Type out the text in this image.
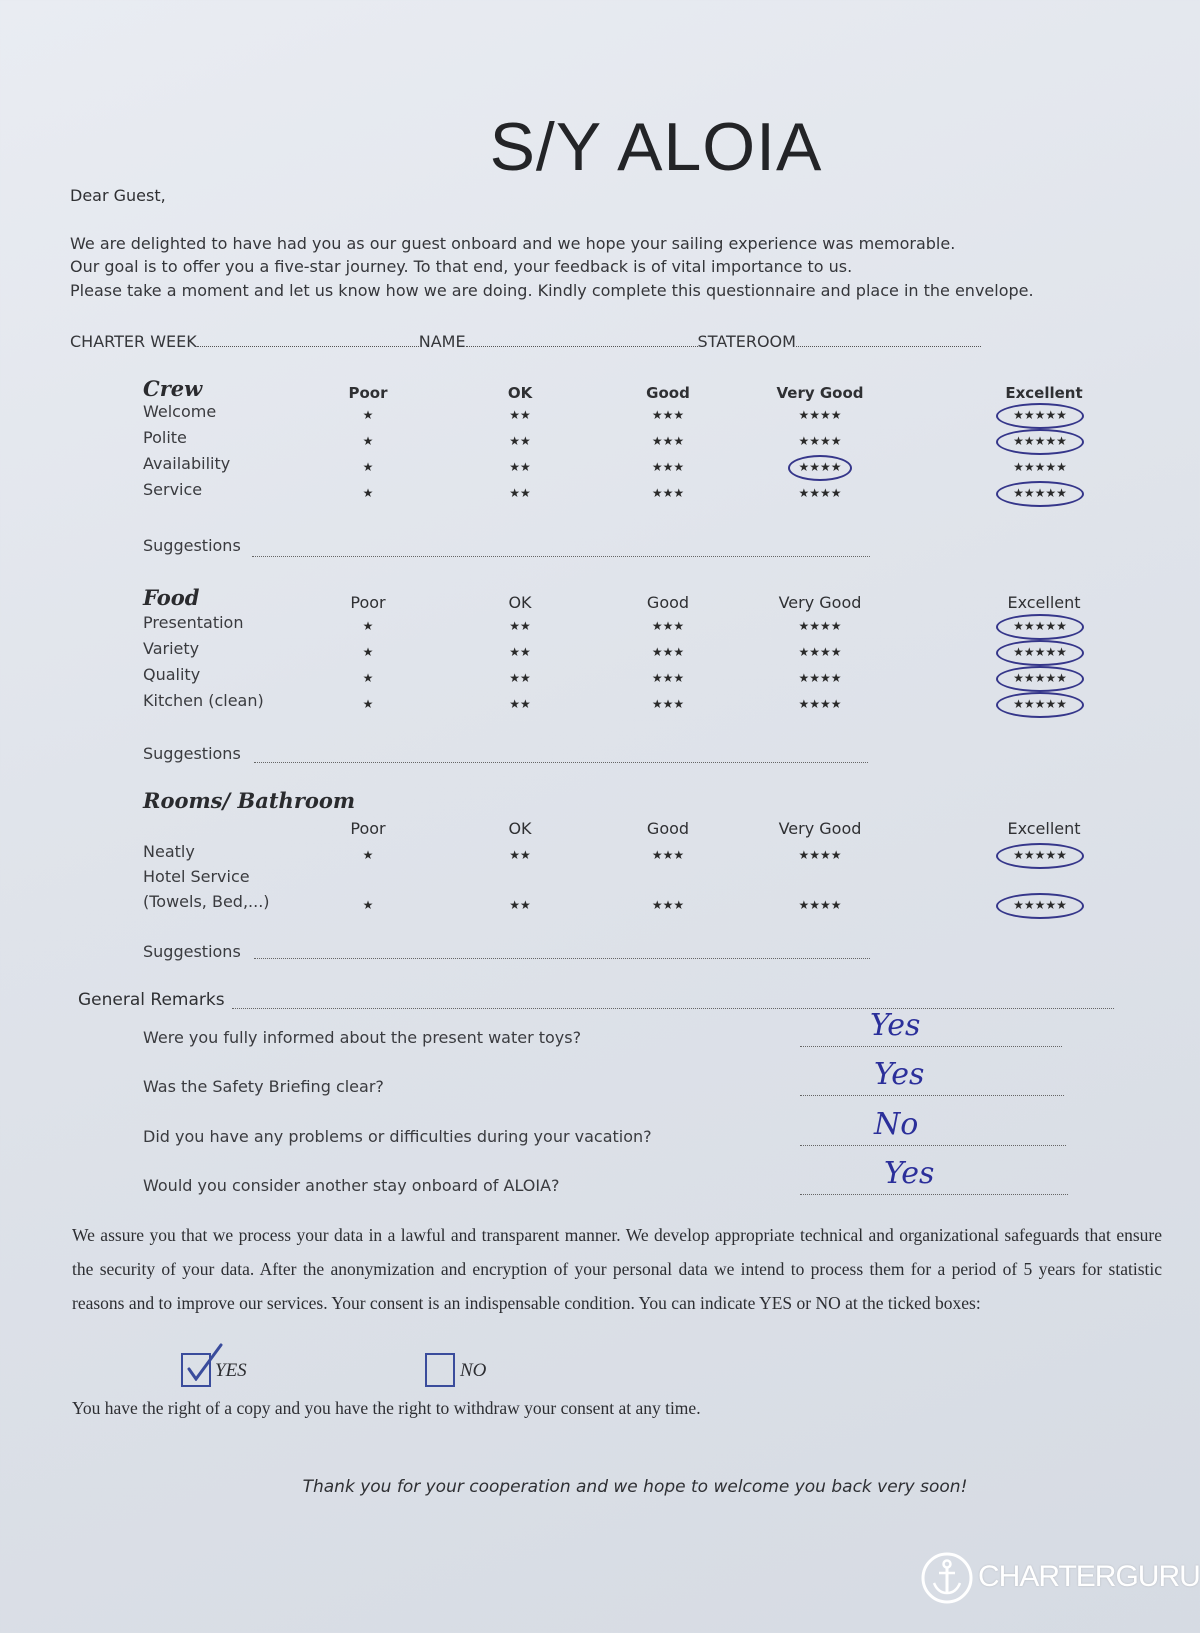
S/Y ALOIA
Dear Guest,
We are delighted to have had you as our guest onboard and we hope your sailing experience was memorable.
Our goal is to offer you a five-star journey. To that end, your feedback is of vital importance to us.
Please take a moment and let us know how we are doing. Kindly complete this questionnaire and place in the envelope.
CHARTER WEEK	NAME	STATEROOM
Crew	Poor	OK	Good	Very Good	Excellent
Welcome	★	★★	★★★	★★★★	★★★★★
Polite	★	★★	★★★	★★★★	★★★★★
Availability	★	★★	★★★	★★★★	★★★★★
Service	★	★★	★★★	★★★★	★★★★★
Suggestions
Food	Poor	OK	Good	Very Good	Excellent
Presentation	★	★★	★★★	★★★★	★★★★★
Variety	★	★★	★★★	★★★★	★★★★★
Quality	★	★★	★★★	★★★★	★★★★★
Kitchen (clean)	★	★★	★★★	★★★★	★★★★★
Suggestions
Rooms/ Bathroom
Poor	OK	Good	Very Good	Excellent
Neatly	★	★★	★★★	★★★★	★★★★★
Hotel Service
(Towels, Bed,...)	★	★★	★★★	★★★★	★★★★★
Suggestions
General Remarks
Were you fully informed about the present water toys?	Yes
Was the Safety Briefing clear?	Yes
Did you have any problems or difficulties during your vacation?	No
Would you consider another stay onboard of ALOIA?	Yes
We assure you that we process your data in a lawful and transparent manner. We develop appropriate technical and organizational safeguards that ensure the security of your data. After the anonymization and encryption of your personal data we intend to process them for a period of 5 years for statistic reasons and to improve our services. Your consent is an indispensable condition. You can indicate YES or NO at the ticked boxes:
YES	NO
You have the right of a copy and you have the right to withdraw your consent at any time.
Thank you for your cooperation and we hope to welcome you back very soon!
CHARTERGURU
